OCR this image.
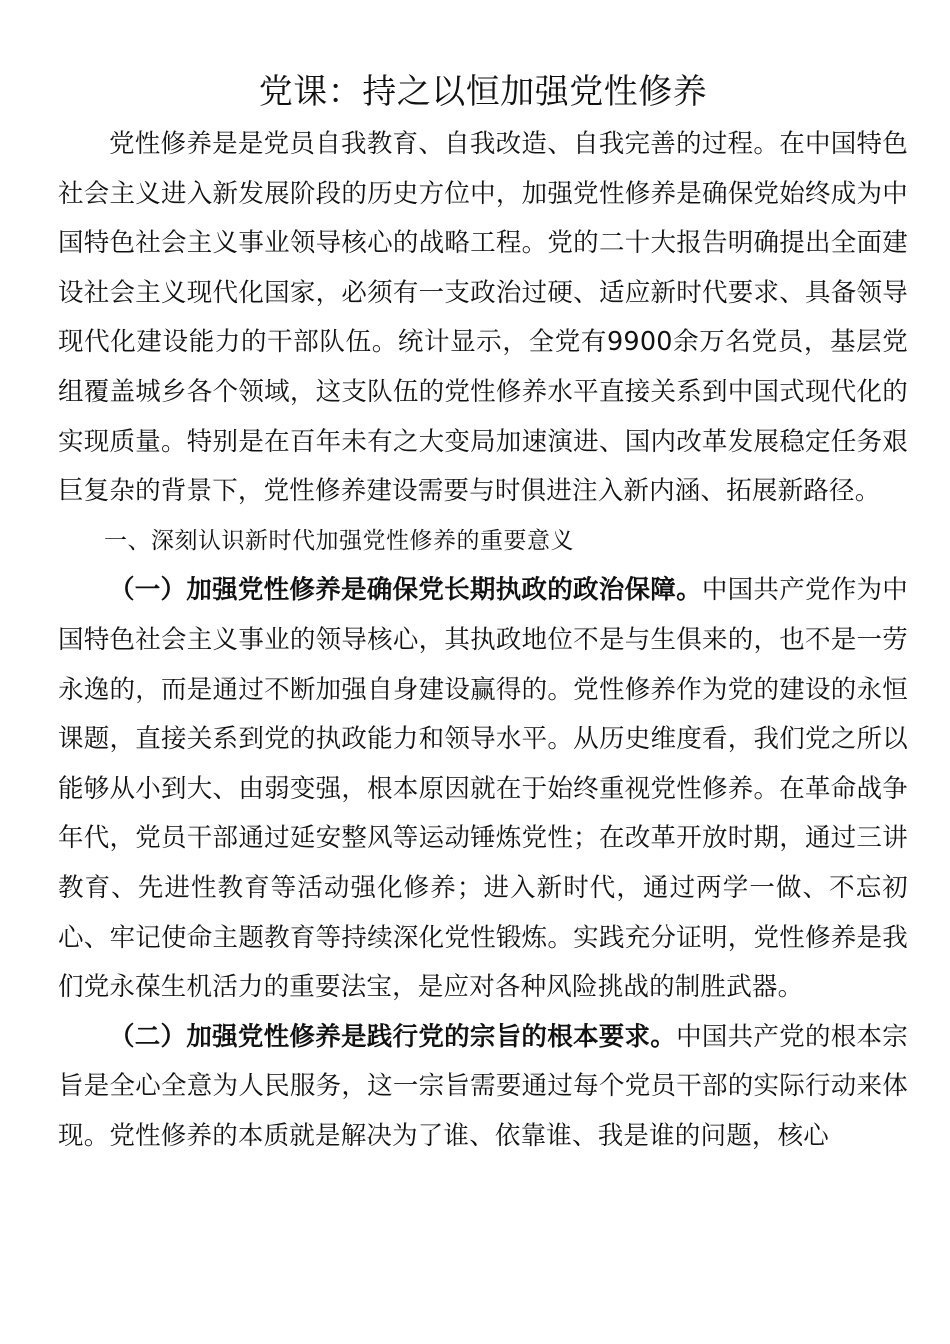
党课：持之以恒加强党性修养

党性修养是是党员自我教育、自我改造、自我完善的过程。在中国特色社会主义进入新发展阶段的历史方位中，加强党性修养是确保党始终成为中国特色社会主义事业领导核心的战略工程。党的二十大报告明确提出全面建设社会主义现代化国家，必须有一支政治过硬、适应新时代要求、具备领导现代化建设能力的干部队伍。统计显示，全党有9900余万名党员，基层党组覆盖城乡各个领域，这支队伍的党性修养水平直接关系到中国式现代化的实现质量。特别是在百年未有之大变局加速演进、国内改革发展稳定任务艰巨复杂的背景下，党性修养建设需要与时俱进注入新内涵、拓展新路径。

一、深刻认识新时代加强党性修养的重要意义

（一）加强党性修养是确保党长期执政的政治保障。中国共产党作为中国特色社会主义事业的领导核心，其执政地位不是与生俱来的，也不是一劳永逸的，而是通过不断加强自身建设赢得的。党性修养作为党的建设的永恒课题，直接关系到党的执政能力和领导水平。从历史维度看，我们党之所以能够从小到大、由弱变强，根本原因就在于始终重视党性修养。在革命战争年代，党员干部通过延安整风等运动锤炼党性；在改革开放时期，通过三讲教育、先进性教育等活动强化修养；进入新时代，通过两学一做、不忘初心、牢记使命主题教育等持续深化党性锻炼。实践充分证明，党性修养是我们党永葆生机活力的重要法宝，是应对各种风险挑战的制胜武器。

（二）加强党性修养是践行党的宗旨的根本要求。中国共产党的根本宗旨是全心全意为人民服务，这一宗旨需要通过每个党员干部的实际行动来体现。党性修养的本质就是解决为了谁、依靠谁、我是谁的问题，核心
